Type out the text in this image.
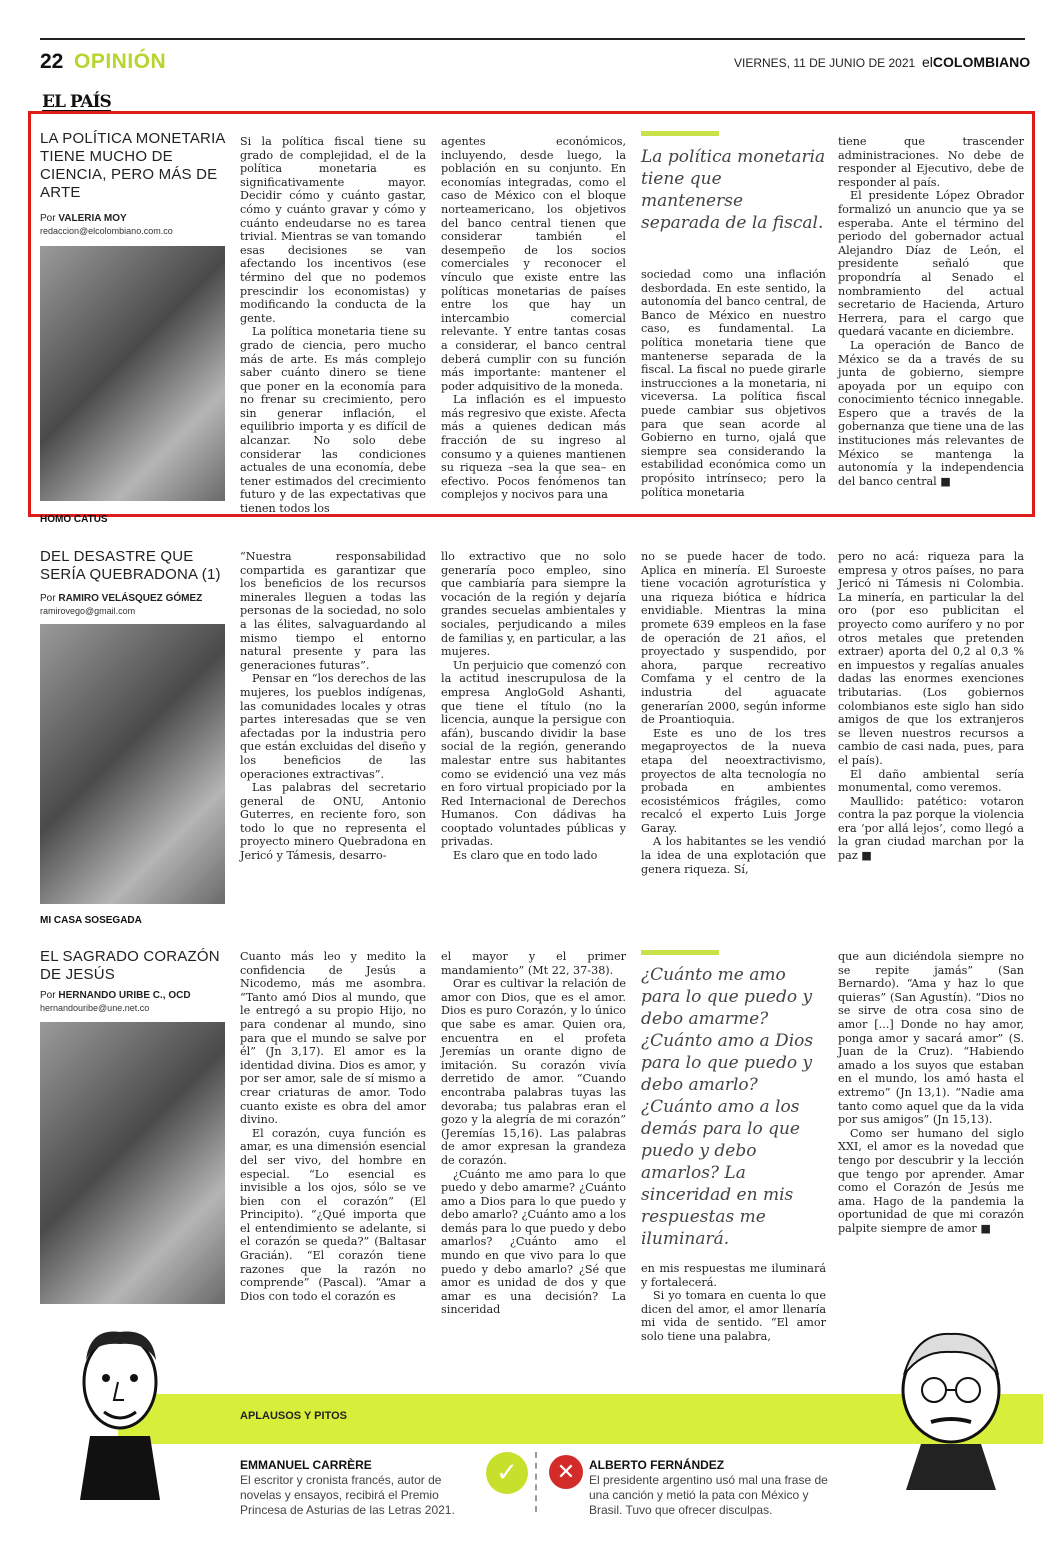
22 OPINIÓN	VIERNES, 11 DE JUNIO DE 2021 elCOLOMBIANO
EL PAÍS
LA POLÍTICA MONETARIA TIENE MUCHO DE CIENCIA, PERO MÁS DE ARTE
Por VALERIA MOY
redaccion@elcolombiano.com.co

Si la política fiscal tiene su grado de complejidad, el de la política monetaria es significativamente mayor. Decidir cómo y cuánto gastar, cómo y cuánto gravar y cómo y cuánto endeudarse no es tarea trivial. Mientras se van tomando esas decisiones se van afectando los incentivos (ese término del que no podemos prescindir los economistas) y modificando la conducta de la gente.

La política monetaria tiene su grado de ciencia, pero mucho más de arte. Es más complejo saber cuánto dinero se tiene que poner en la economía para no frenar su crecimiento, pero sin generar inflación, el equilibrio importa y es difícil de alcanzar. No solo debe considerar las condiciones actuales de una economía, debe tener estimados del crecimiento futuro y de las expectativas que tienen todos los

agentes económicos, incluyendo, desde luego, la población en su conjunto. En economías integradas, como el caso de México con el bloque norteamericano, los objetivos del banco central tienen que considerar también el desempeño de los socios comerciales y reconocer el vínculo que existe entre las políticas monetarias de países entre los que hay un intercambio comercial relevante. Y entre tantas cosas a considerar, el banco central deberá cumplir con su función más importante: mantener el poder adquisitivo de la moneda.

La inflación es el impuesto más regresivo que existe. Afecta más a quienes dedican más fracción de su ingreso al consumo y a quienes mantienen su riqueza –sea la que sea– en efectivo. Pocos fenómenos tan complejos y nocivos para una

La política monetaria tiene que mantenerse separada de la fiscal.

sociedad como una inflación desbordada. En este sentido, la autonomía del banco central, de Banco de México en nuestro caso, es fundamental. La política monetaria tiene que mantenerse separada de la fiscal. La fiscal no puede girarle instrucciones a la monetaria, ni viceversa. La política fiscal puede cambiar sus objetivos para que sean acorde al Gobierno en turno, ojalá que siempre sea considerando la estabilidad económica como un propósito intrínseco; pero la política monetaria

tiene que trascender administraciones. No debe de responder al Ejecutivo, debe de responder al país.

El presidente López Obrador formalizó un anuncio que ya se esperaba. Ante el término del periodo del gobernador actual Alejandro Díaz de León, el presidente señaló que propondría al Senado el nombramiento del actual secretario de Hacienda, Arturo Herrera, para el cargo que quedará vacante en diciembre.

La operación de Banco de México se da a través de su junta de gobierno, siempre apoyada por un equipo con conocimiento técnico innegable. Espero que a través de la gobernanza que tiene una de las instituciones más relevantes de México se mantenga la autonomía y la independencia del banco central ■

HOMO CATUS
DEL DESASTRE QUE SERÍA QUEBRADONA (1)
Por RAMIRO VELÁSQUEZ GÓMEZ
ramirovego@gmail.com

“Nuestra responsabilidad compartida es garantizar que los beneficios de los recursos minerales lleguen a todas las personas de la sociedad, no solo a las élites, salvaguardando al mismo tiempo el entorno natural presente y para las generaciones futuras”.

Pensar en “los derechos de las mujeres, los pueblos indígenas, las comunidades locales y otras partes interesadas que se ven afectadas por la industria pero que están excluidas del diseño y los beneficios de las operaciones extractivas”.

Las palabras del secretario general de ONU, Antonio Guterres, en reciente foro, son todo lo que no representa el proyecto minero Quebradona en Jericó y Támesis, desarro-

llo extractivo que no solo generaría poco empleo, sino que cambiaría para siempre la vocación de la región y dejaría grandes secuelas ambientales y sociales, perjudicando a miles de familias y, en particular, a las mujeres.

Un perjuicio que comenzó con la actitud inescrupulosa de la empresa AngloGold Ashanti, que tiene el título (no la licencia, aunque la persigue con afán), buscando dividir la base social de la región, generando malestar entre sus habitantes como se evidenció una vez más en foro virtual propiciado por la Red Internacional de Derechos Humanos. Con dádivas ha cooptado voluntades públicas y privadas.

Es claro que en todo lado

no se puede hacer de todo. Aplica en minería. El Suroeste tiene vocación agroturística y una riqueza biótica e hídrica envidiable. Mientras la mina promete 639 empleos en la fase de operación de 21 años, el proyectado y suspendido, por ahora, parque recreativo Comfama y el centro de la industria del aguacate generarían 2000, según informe de Proantioquia.

Este es uno de los tres megaproyectos de la nueva etapa del neoextractivismo, proyectos de alta tecnología no probada en ambientes ecosistémicos frágiles, como recalcó el experto Luis Jorge Garay.

A los habitantes se les vendió la idea de una explotación que genera riqueza. Sí,

pero no acá: riqueza para la empresa y otros países, no para Jericó ni Támesis ni Colombia. La minería, en particular la del oro (por eso publicitan el proyecto como aurífero y no por otros metales que pretenden extraer) aporta del 0,2 al 0,3 % en impuestos y regalías anuales dadas las enormes exenciones tributarias. (Los gobiernos colombianos este siglo han sido amigos de que los extranjeros se lleven nuestros recursos a cambio de casi nada, pues, para el país).

El daño ambiental sería monumental, como veremos.

Maullido: patético: votaron contra la paz porque la violencia era ‘por allá lejos’, como llegó a la gran ciudad marchan por la paz ■

MI CASA SOSEGADA
EL SAGRADO CORAZÓN DE JESÚS
Por HERNANDO URIBE C., OCD
hernandouribe@une.net.co

Cuanto más leo y medito la confidencia de Jesús a Nicodemo, más me asombra. “Tanto amó Dios al mundo, que le entregó a su propio Hijo, no para condenar al mundo, sino para que el mundo se salve por él” (Jn 3,17). El amor es la identidad divina. Dios es amor, y por ser amor, sale de sí mismo a crear criaturas de amor. Todo cuanto existe es obra del amor divino.

El corazón, cuya función es amar, es una dimensión esencial del ser vivo, del hombre en especial. “Lo esencial es invisible a los ojos, sólo se ve bien con el corazón” (El Principito). “¿Qué importa que el entendimiento se adelante, si el corazón se queda?” (Baltasar Gracián). “El corazón tiene razones que la razón no comprende” (Pascal). “Amar a Dios con todo el corazón es

el mayor y el primer mandamiento” (Mt 22, 37-38).

Orar es cultivar la relación de amor con Dios, que es el amor. Dios es puro Corazón, y lo único que sabe es amar. Quien ora, encuentra en el profeta Jeremías un orante digno de imitación. Su corazón vivía derretido de amor. “Cuando encontraba palabras tuyas las devoraba; tus palabras eran el gozo y la alegría de mi corazón” (Jeremías 15,16). Las palabras de amor expresan la grandeza de corazón.

¿Cuánto me amo para lo que puedo y debo amarme? ¿Cuánto amo a Dios para lo que puedo y debo amarlo? ¿Cuánto amo a los demás para lo que puedo y debo amarlos? ¿Cuánto amo el mundo en que vivo para lo que puedo y debo amarlo? ¿Sé que amor es unidad de dos y que amar es una decisión? La sinceridad

¿Cuánto me amo para lo que puedo y debo amarme? ¿Cuánto amo a Dios para lo que puedo y debo amarlo? ¿Cuánto amo a los demás para lo que puedo y debo amarlos? La sinceridad en mis respuestas me iluminará.

en mis respuestas me iluminará y fortalecerá.

Si yo tomara en cuenta lo que dicen del amor, el amor llenaría mi vida de sentido. “El amor solo tiene una palabra,

que aun diciéndola siempre no se repite jamás” (San Bernardo). “Ama y haz lo que quieras” (San Agustín). “Dios no se sirve de otra cosa sino de amor [...] Donde no hay amor, ponga amor y sacará amor” (S. Juan de la Cruz). “Habiendo amado a los suyos que estaban en el mundo, los amó hasta el extremo” (Jn 13,1). “Nadie ama tanto como aquel que da la vida por sus amigos” (Jn 15,13).

Como ser humano del siglo XXI, el amor es la novedad que tengo por descubrir y la lección que tengo por aprender. Amar como el Corazón de Jesús me ama. Hago de la pandemia la oportunidad de que mi corazón palpite siempre de amor ■

APLAUSOS Y PITOS
EMMANUEL CARRÈRE
El escritor y cronista francés, autor de novelas y ensayos, recibirá el Premio Princesa de Asturias de las Letras 2021.
✓	✕	ALBERTO FERNÁNDEZ
El presidente argentino usó mal una frase de una canción y metió la pata con México y Brasil. Tuvo que ofrecer disculpas.
